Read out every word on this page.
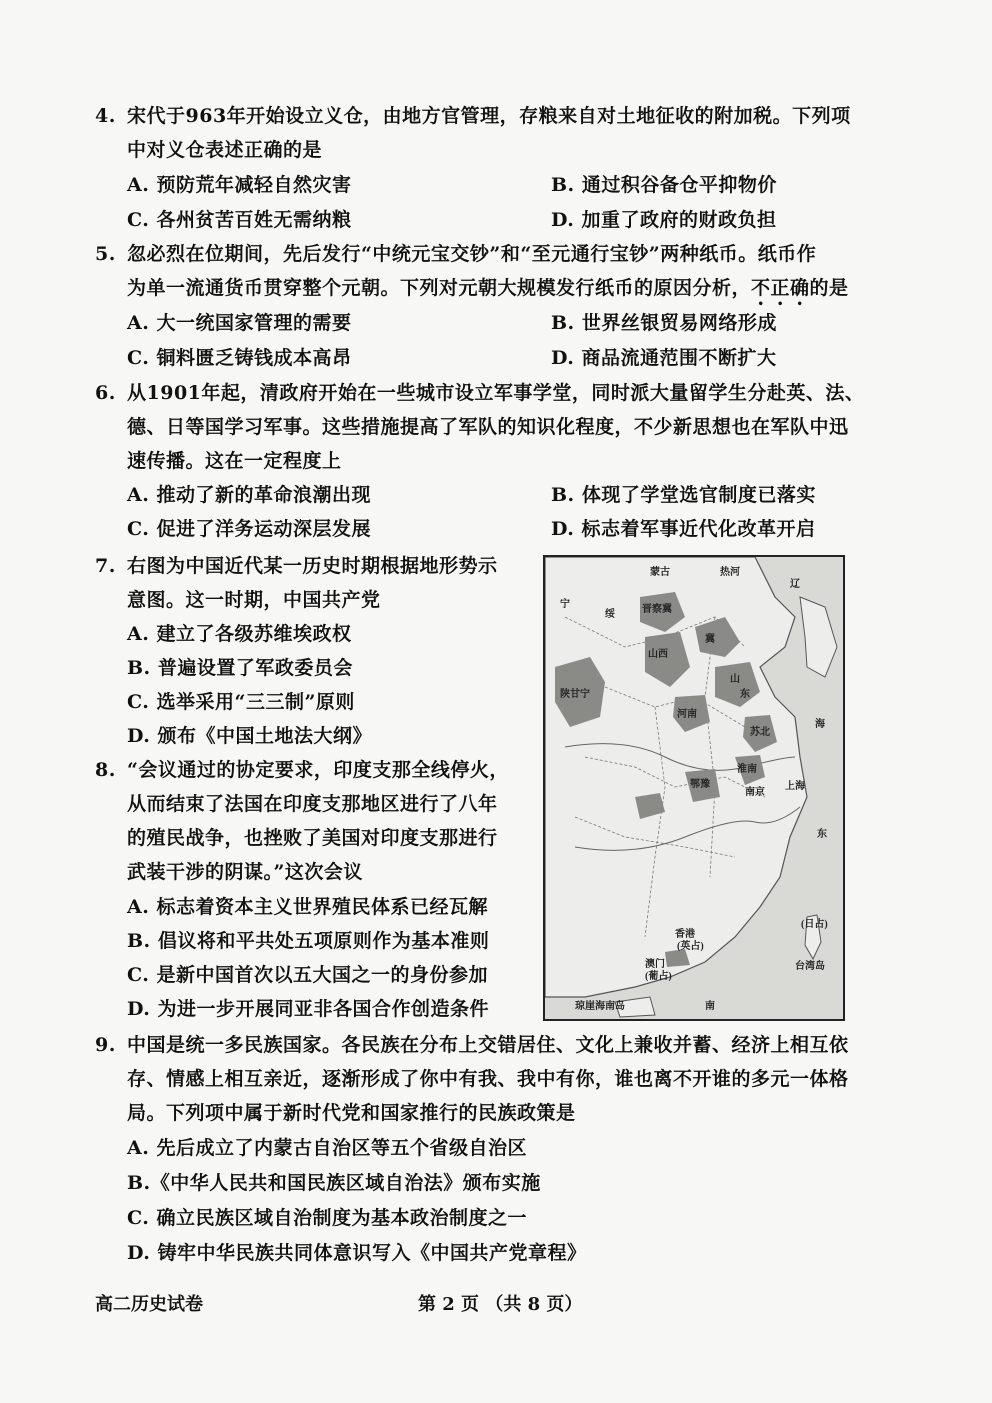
4. 宋代于963年开始设立义仓，由地方官管理，存粮来自对土地征收的附加税。下列项
中对义仓表述正确的是
A. 预防荒年减轻自然灾害	B. 通过积谷备仓平抑物价
C. 各州贫苦百姓无需纳粮	D. 加重了政府的财政负担
5. 忽必烈在位期间，先后发行“中统元宝交钞”和“至元通行宝钞”两种纸币。纸币作
为单一流通货币贯穿整个元朝。下列对元朝大规模发行纸币的原因分析，不正确的是
A. 大一统国家管理的需要	B. 世界丝银贸易网络形成
C. 铜料匮乏铸钱成本高昂	D. 商品流通范围不断扩大
6. 从1901年起，清政府开始在一些城市设立军事学堂，同时派大量留学生分赴英、法、
德、日等国学习军事。这些措施提高了军队的知识化程度，不少新思想也在军队中迅
速传播。这在一定程度上
A. 推动了新的革命浪潮出现	B. 体现了学堂选官制度已落实
C. 促进了洋务运动深层发展	D. 标志着军事近代化改革开启
7. 右图为中国近代某一历史时期根据地形势示
意图。这一时期，中国共产党
A. 建立了各级苏维埃政权
B. 普遍设置了军政委员会
C. 选举采用“三三制”原则
D. 颁布《中国土地法大纲》
8. “会议通过的协定要求，印度支那全线停火，
从而结束了法国在印度支那地区进行了八年
的殖民战争，也挫败了美国对印度支那进行
武装干涉的阴谋。”这次会议
A. 标志着资本主义世界殖民体系已经瓦解
B. 倡议将和平共处五项原则作为基本准则
C. 是新中国首次以五大国之一的身份参加
D. 为进一步开展同亚非各国合作创造条件
蒙古	热河
宁
辽
绥
陕甘宁
晋察冀
山西
冀
山
东
河南
苏北
淮南
南京
上海
鄂豫
海
东
(日占)
台湾岛
香港
(英占)
澳门
(葡占)
琼崖海南岛	南
9. 中国是统一多民族国家。各民族在分布上交错居住、文化上兼收并蓄、经济上相互依
存、情感上相互亲近，逐渐形成了你中有我、我中有你，谁也离不开谁的多元一体格
局。下列项中属于新时代党和国家推行的民族政策是
A. 先后成立了内蒙古自治区等五个省级自治区
B.《中华人民共和国民族区域自治法》颁布实施
C. 确立民族区域自治制度为基本政治制度之一
D. 铸牢中华民族共同体意识写入《中国共产党章程》
高二历史试卷	第 2 页 （共 8 页）
